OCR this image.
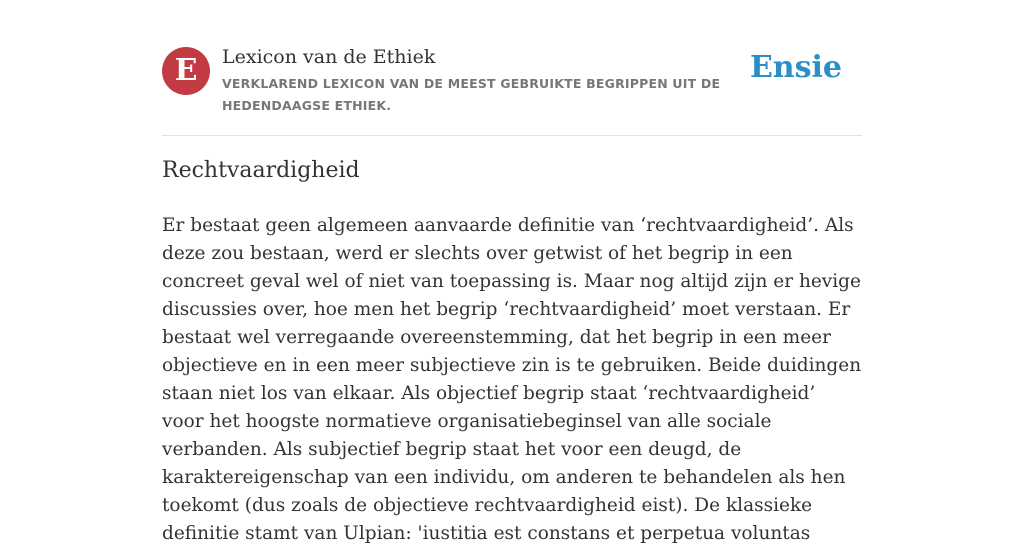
E	Lexicon van de Ethiek
VERKLAREND LEXICON VAN DE MEEST GEBRUIKTE BEGRIPPEN UIT DE HEDENDAAGSE ETHIEK.
Ensie
Rechtvaardigheid

Er bestaat geen algemeen aanvaarde definitie van ‘rechtvaardigheid’. Als deze zou bestaan, werd er slechts over getwist of het begrip in een concreet geval wel of niet van toepassing is. Maar nog altijd zijn er hevige discussies over, hoe men het begrip ‘rechtvaardigheid’ moet verstaan. Er bestaat wel verregaande overeenstemming, dat het begrip in een meer objectieve en in een meer subjectieve zin is te gebruiken. Beide duidingen staan niet los van elkaar. Als objectief begrip staat ‘rechtvaardigheid’ voor het hoogste normatieve organisatiebeginsel van alle sociale verbanden. Als subjectief begrip staat het voor een deugd, de karaktereigenschap van een individu, om anderen te behandelen als hen toekomt (dus zoals de objectieve rechtvaardigheid eist). De klassieke definitie stamt van Ulpian: 'iustitia est constans et perpetua voluntas
